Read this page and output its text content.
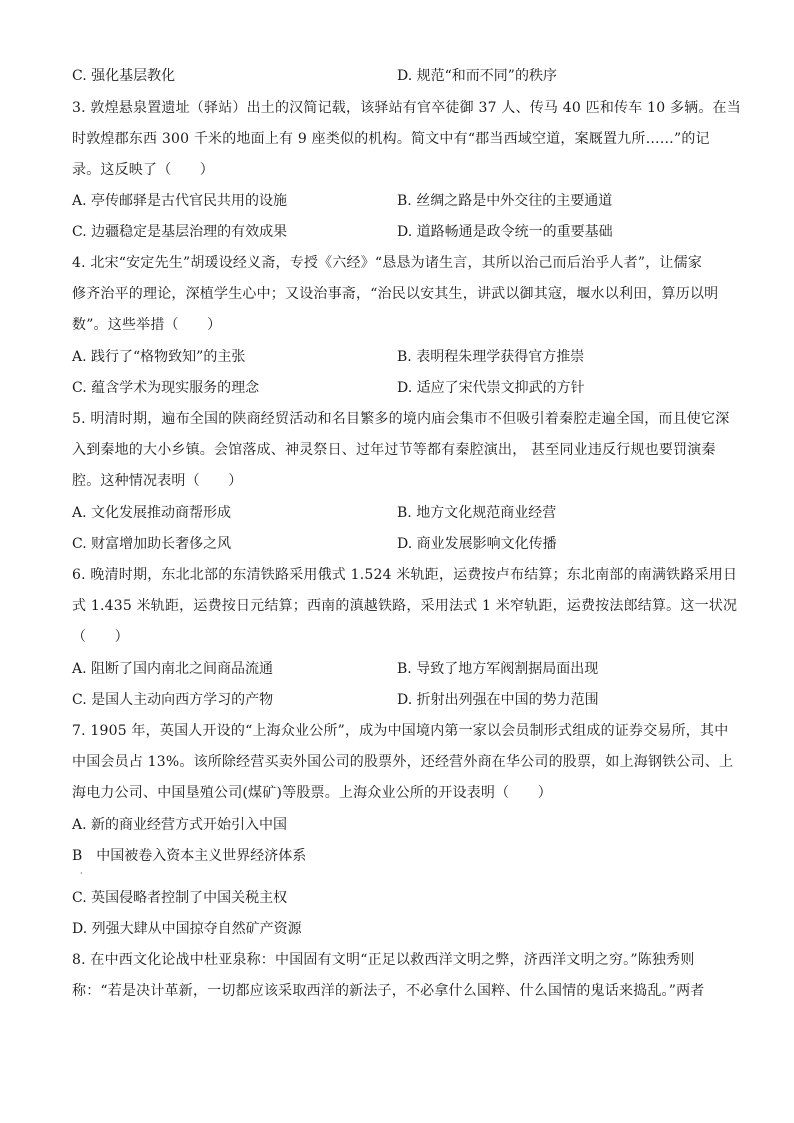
C. 强化基层教化	D. 规范“和而不同”的秩序
3. 敦煌悬泉置遗址（驿站）出土的汉简记载，该驿站有官卒徒御 37 人、传马 40 匹和传车 10 多辆。在当
时敦煌郡东西 300 千米的地面上有 9 座类似的机构。简文中有“郡当西域空道，案厩置九所……”的记
录。这反映了（　　）
A. 亭传邮驿是古代官民共用的设施	B. 丝绸之路是中外交往的主要通道
C. 边疆稳定是基层治理的有效成果	D. 道路畅通是政令统一的重要基础
4. 北宋“安定先生”胡瑗设经义斋，专授《六经》“恳恳为诸生言，其所以治己而后治乎人者”，让儒家
修齐治平的理论，深植学生心中；又设治事斋，“治民以安其生，讲武以御其寇，堰水以利田，算历以明
数”。这些举措（　　）
A. 践行了“格物致知”的主张	B. 表明程朱理学获得官方推崇
C. 蕴含学术为现实服务的理念	D. 适应了宋代崇文抑武的方针
5. 明清时期，遍布全国的陕商经贸活动和名目繁多的境内庙会集市不但吸引着秦腔走遍全国，而且使它深
入到秦地的大小乡镇。会馆落成、神灵祭日、过年过节等都有秦腔演出， 甚至同业违反行规也要罚演秦
腔。这种情况表明（　　）
A. 文化发展推动商帮形成	B. 地方文化规范商业经营
C. 财富增加助长奢侈之风	D. 商业发展影响文化传播
6. 晚清时期，东北北部的东清铁路采用俄式 1.524 米轨距，运费按卢布结算；东北南部的南满铁路采用日
式 1.435 米轨距，运费按日元结算；西南的滇越铁路，采用法式 1 米窄轨距，运费按法郎结算。这一状况
（　　）
A. 阻断了国内南北之间商品流通	B. 导致了地方军阀割据局面出现
C. 是国人主动向西方学习的产物	D. 折射出列强在中国的势力范围
7. 1905 年，英国人开设的“上海众业公所”，成为中国境内第一家以会员制形式组成的证券交易所，其中
中国会员占 13%。该所除经营买卖外国公司的股票外，还经营外商在华公司的股票，如上海钢铁公司、上
海电力公司、中国垦殖公司(煤矿)等股票。上海众业公所的开设表明（　　）
A. 新的商业经营方式开始引入中国
B　中国被卷入资本主义世界经济体系
·
C. 英国侵略者控制了中国关税主权
D. 列强大肆从中国掠夺自然矿产资源
8. 在中西文化论战中杜亚泉称：中国固有文明“正足以救西洋文明之弊，济西洋文明之穷。”陈独秀则
称：“若是决计革新，一切都应该采取西洋的新法子，不必拿什么国粹、什么国情的鬼话来捣乱。”两者
